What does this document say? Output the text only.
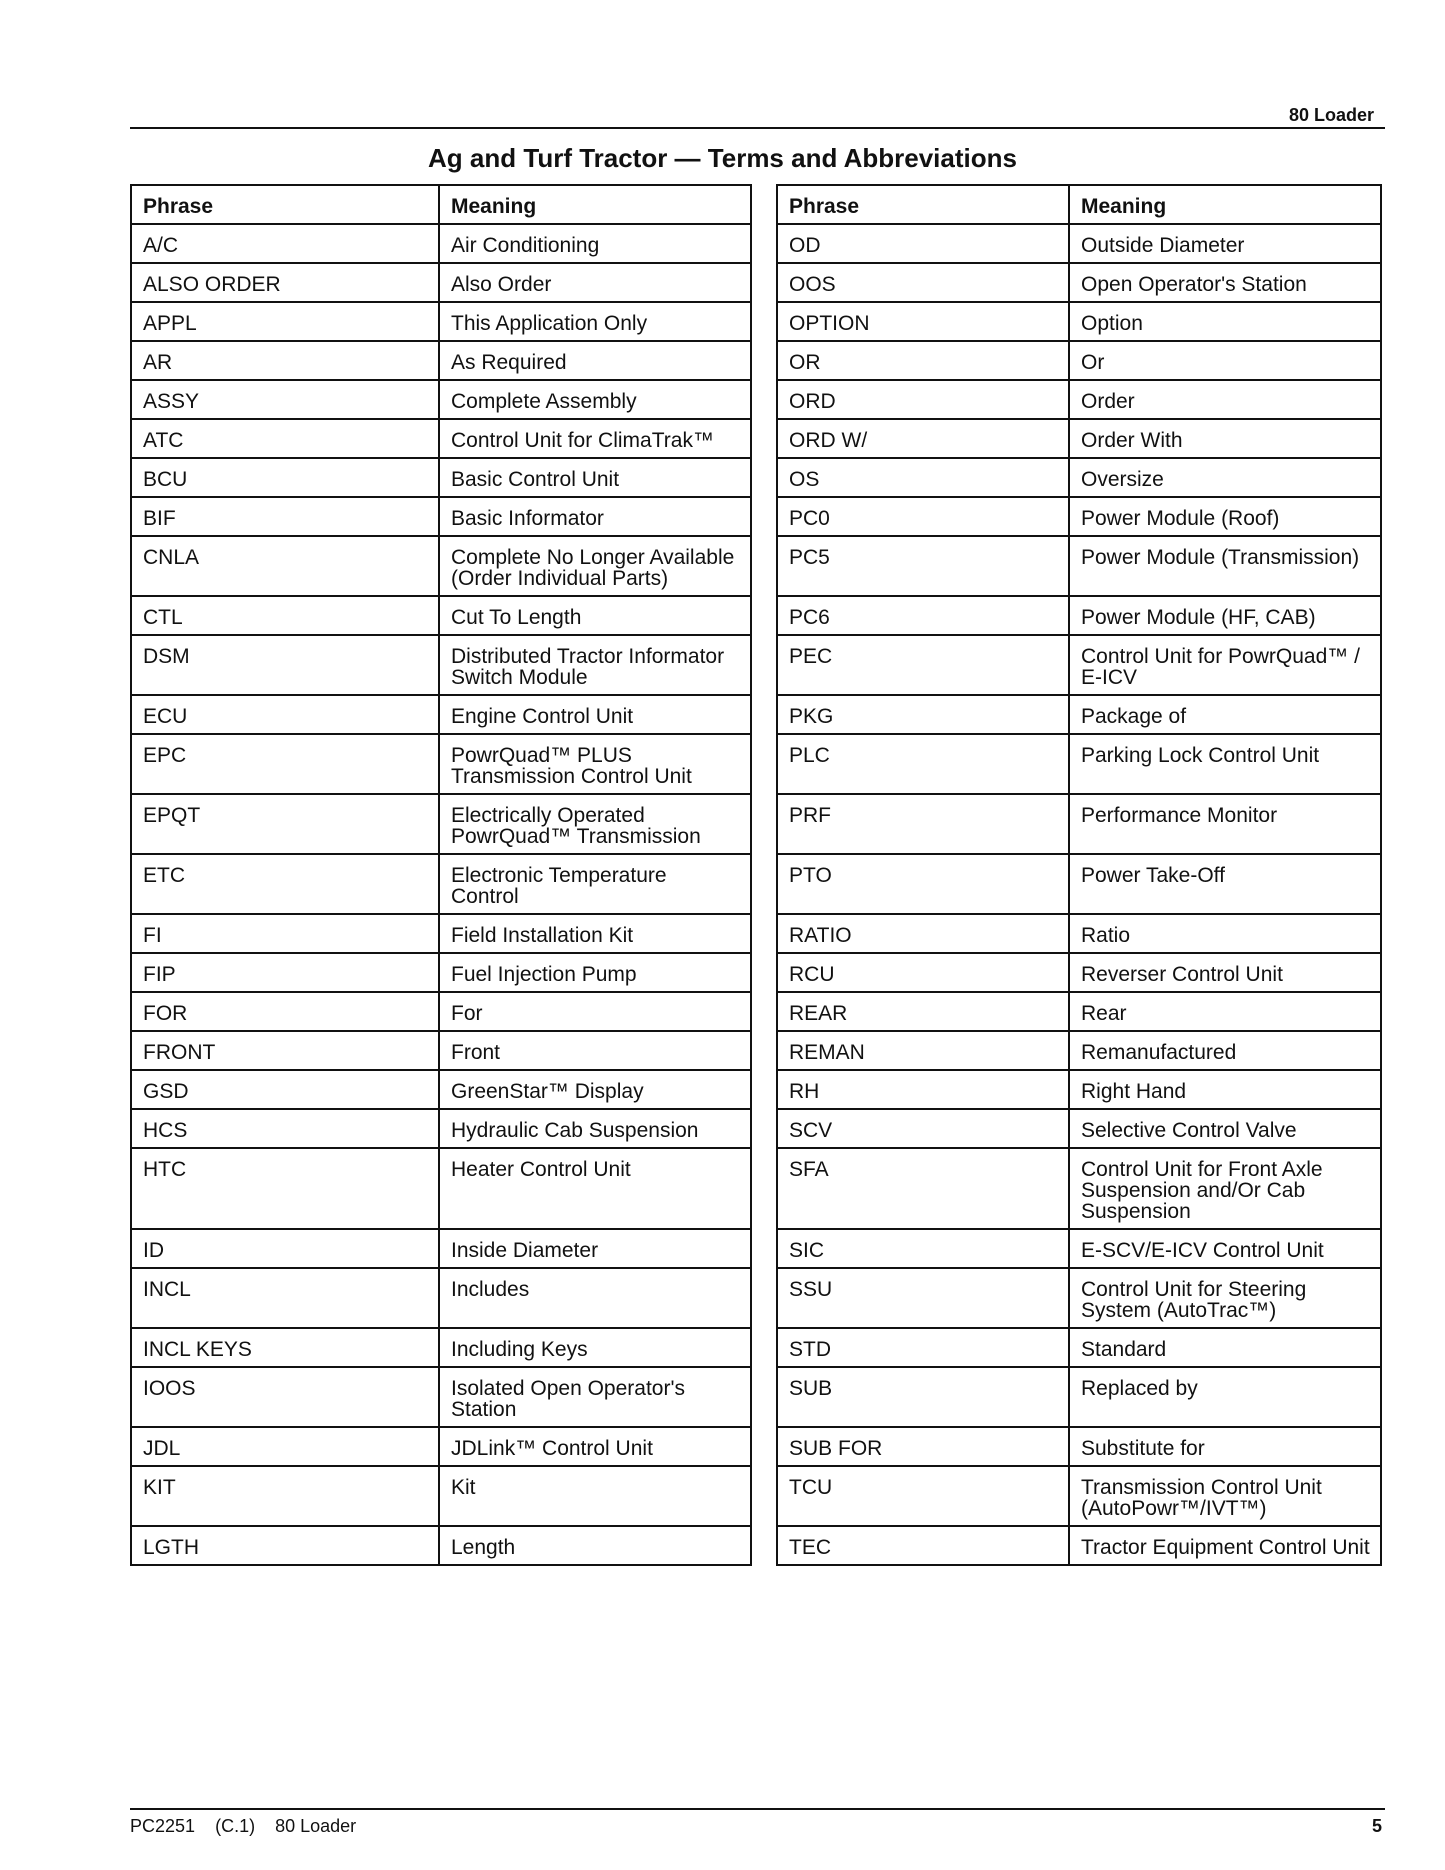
80 Loader
Ag and Turf Tractor — Terms and Abbreviations
Phrase	Meaning		Phrase	Meaning
A/C	Air Conditioning		OD	Outside Diameter
ALSO ORDER	Also Order		OOS	Open Operator's Station
APPL	This Application Only		OPTION	Option
AR	As Required		OR	Or
ASSY	Complete Assembly		ORD	Order
ATC	Control Unit for ClimaTrak™		ORD W/	Order With
BCU	Basic Control Unit		OS	Oversize
BIF	Basic Informator		PC0	Power Module (Roof)
CNLA	Complete No Longer Available (Order Individual Parts)		PC5	Power Module (Transmission)
CTL	Cut To Length		PC6	Power Module (HF, CAB)
DSM	Distributed Tractor Informator Switch Module		PEC	Control Unit for PowrQuad™ / E-ICV
ECU	Engine Control Unit		PKG	Package of
EPC	PowrQuad™ PLUS Transmission Control Unit		PLC	Parking Lock Control Unit
EPQT	Electrically Operated PowrQuad™ Transmission		PRF	Performance Monitor
ETC	Electronic Temperature Control		PTO	Power Take-Off
FI	Field Installation Kit		RATIO	Ratio
FIP	Fuel Injection Pump		RCU	Reverser Control Unit
FOR	For		REAR	Rear
FRONT	Front		REMAN	Remanufactured
GSD	GreenStar™ Display		RH	Right Hand
HCS	Hydraulic Cab Suspension		SCV	Selective Control Valve
HTC	Heater Control Unit		SFA	Control Unit for Front Axle Suspension and/Or Cab Suspension
ID	Inside Diameter		SIC	E-SCV/E-ICV Control Unit
INCL	Includes		SSU	Control Unit for Steering System (AutoTrac™)
INCL KEYS	Including Keys		STD	Standard
IOOS	Isolated Open Operator's Station		SUB	Replaced by
JDL	JDLink™ Control Unit		SUB FOR	Substitute for
KIT	Kit		TCU	Transmission Control Unit (AutoPowr™/IVT™)
LGTH	Length		TEC	Tractor Equipment Control Unit
PC2251 (C.1) 80 Loader	5
